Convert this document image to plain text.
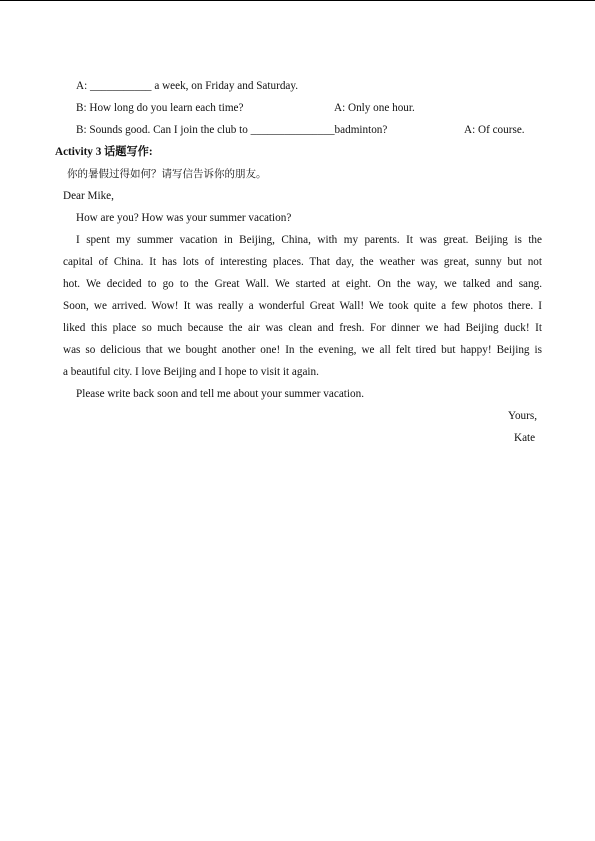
A: ___________ a week, on Friday and Saturday.
B: How long do you learn each time?	A: Only one hour.
B: Sounds good. Can I join the club to _______________badminton?	A: Of course.
Activity 3 话题写作:
你的暑假过得如何？请写信告诉你的朋友。
Dear Mike,
How are you? How was your summer vacation?
I spent my summer vacation in Beijing, China, with my parents. It was great. Beijing is the
capital of China. It has lots of interesting places. That day, the weather was great, sunny but not
hot. We decided to go to the Great Wall. We started at eight. On the way, we talked and sang.
Soon, we arrived. Wow! It was really a wonderful Great Wall! We took quite a few photos there. I
liked this place so much because the air was clean and fresh. For dinner we had Beijing duck! It
was so delicious that we bought another one! In the evening, we all felt tired but happy! Beijing is
a beautiful city. I love Beijing and I hope to visit it again.
Please write back soon and tell me about your summer vacation.
Yours,
Kate
